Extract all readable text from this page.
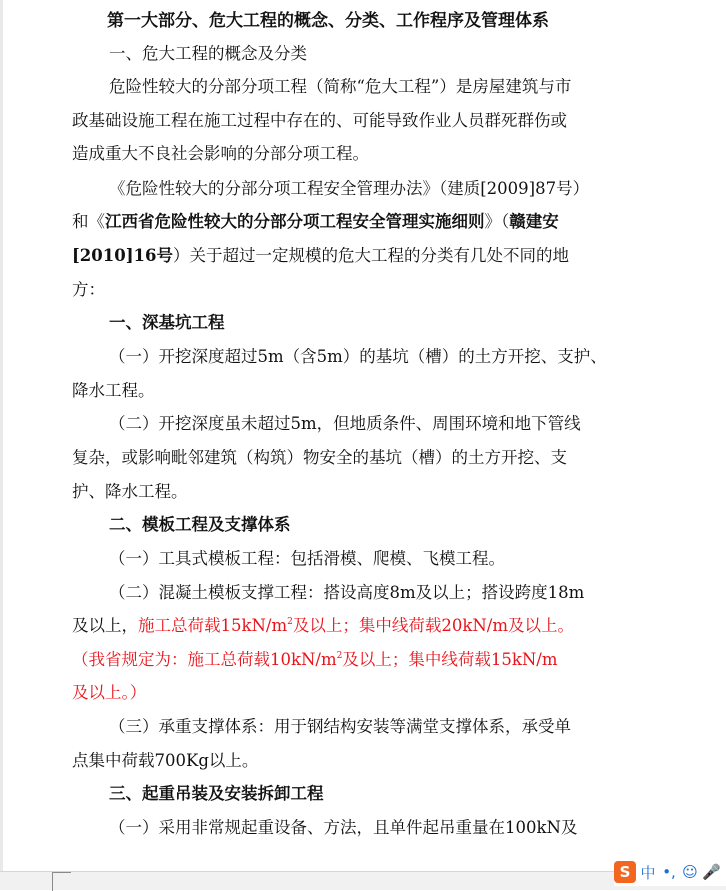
第一大部分、危大工程的概念、分类、工作程序及管理体系
一、危大工程的概念及分类
危险性较大的分部分项工程（简称“危大工程”）是房屋建筑与市
政基础设施工程在施工过程中存在的、可能导致作业人员群死群伤或
造成重大不良社会影响的分部分项工程。
《危险性较大的分部分项工程安全管理办法》（建质[2009]87号）
和《江西省危险性较大的分部分项工程安全管理实施细则》（赣建安
[2010]16号）关于超过一定规模的危大工程的分类有几处不同的地
方：
一、深基坑工程
（一）开挖深度超过5m（含5m）的基坑（槽）的土方开挖、支护、
降水工程。
（二）开挖深度虽未超过5m，但地质条件、周围环境和地下管线
复杂，或影响毗邻建筑（构筑）物安全的基坑（槽）的土方开挖、支
护、降水工程。
二、模板工程及支撑体系
（一）工具式模板工程：包括滑模、爬模、飞模工程。
（二）混凝土模板支撑工程：搭设高度8m及以上；搭设跨度18m
及以上，施工总荷载$15kN/m^2$及以上；集中线荷载20kN/m及以上。
（我省规定为：施工总荷载$10kN/m^2$及以上；集中线荷载15kN/m
及以上。）
（三）承重支撑体系：用于钢结构安装等满堂支撑体系，承受单
点集中荷载700Kg以上。
三、起重吊装及安装拆卸工程
（一）采用非常规起重设备、方法，且单件起吊重量在100kN及
S 中 •, ☺ 🎤
